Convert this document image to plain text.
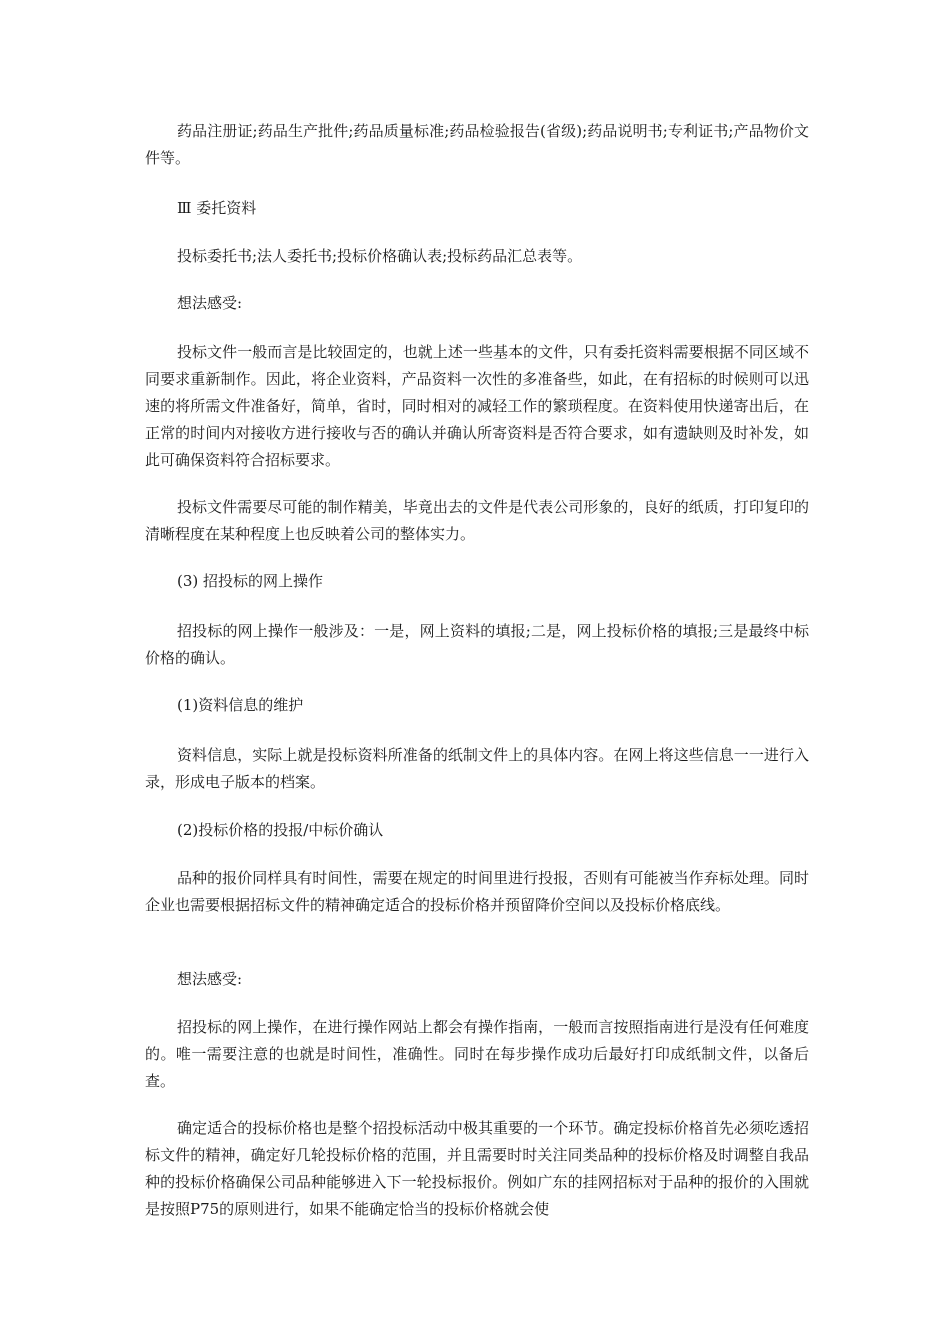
药品注册证;药品生产批件;药品质量标准;药品检验报告(省级);药品说明书;专利证书;产品物价文件等。

Ⅲ 委托资料

投标委托书;法人委托书;投标价格确认表;投标药品汇总表等。

想法感受:

投标文件一般而言是比较固定的，也就上述一些基本的文件，只有委托资料需要根据不同区域不同要求重新制作。因此，将企业资料，产品资料一次性的多准备些，如此，在有招标的时候则可以迅速的将所需文件准备好，简单，省时，同时相对的减轻工作的繁琐程度。在资料使用快递寄出后，在正常的时间内对接收方进行接收与否的确认并确认所寄资料是否符合要求，如有遗缺则及时补发，如此可确保资料符合招标要求。

投标文件需要尽可能的制作精美，毕竟出去的文件是代表公司形象的，良好的纸质，打印复印的清晰程度在某种程度上也反映着公司的整体实力。

(3) 招投标的网上操作

招投标的网上操作一般涉及：一是，网上资料的填报;二是，网上投标价格的填报;三是最终中标价格的确认。

(1)资料信息的维护

资料信息，实际上就是投标资料所准备的纸制文件上的具体内容。在网上将这些信息一一进行入录，形成电子版本的档案。

(2)投标价格的投报/中标价确认

品种的报价同样具有时间性，需要在规定的时间里进行投报，否则有可能被当作弃标处理。同时企业也需要根据招标文件的精神确定适合的投标价格并预留降价空间以及投标价格底线。

想法感受:

招投标的网上操作，在进行操作网站上都会有操作指南，一般而言按照指南进行是没有任何难度的。唯一需要注意的也就是时间性，准确性。同时在每步操作成功后最好打印成纸制文件，以备后查。

确定适合的投标价格也是整个招投标活动中极其重要的一个环节。确定投标价格首先必须吃透招标文件的精神，确定好几轮投标价格的范围，并且需要时时关注同类品种的投标价格及时调整自我品种的投标价格确保公司品种能够进入下一轮投标报价。例如广东的挂网招标对于品种的报价的入围就是按照P75的原则进行，如果不能确定恰当的投标价格就会使
